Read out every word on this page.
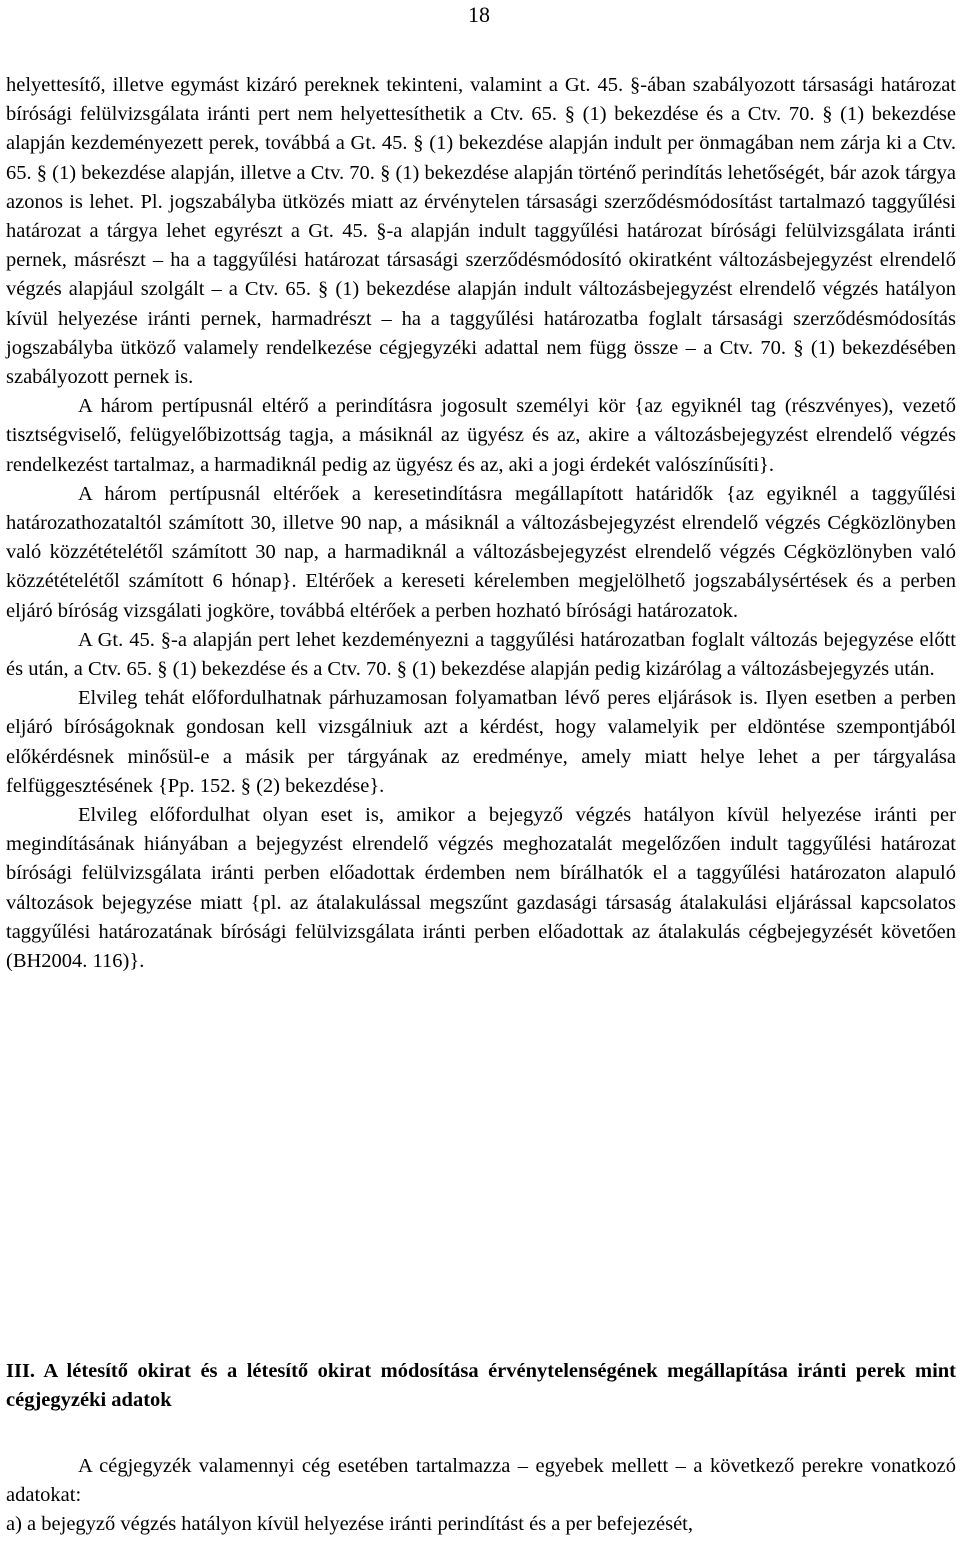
18

helyettesítő, illetve egymást kizáró pereknek tekinteni, valamint a Gt. 45. §-ában szabályozott társasági határozat bírósági felülvizsgálata iránti pert nem helyettesíthetik a Ctv. 65. § (1) bekezdése és a Ctv. 70. § (1) bekezdése alapján kezdeményezett perek, továbbá a Gt. 45. § (1) bekezdése alapján indult per önmagában nem zárja ki a Ctv. 65. § (1) bekezdése alapján, illetve a Ctv. 70. § (1) bekezdése alapján történő perindítás lehetőségét, bár azok tárgya azonos is lehet. Pl. jogszabályba ütközés miatt az érvénytelen társasági szerződésmódosítást tartalmazó taggyűlési határozat a tárgya lehet egyrészt a Gt. 45. §-a alapján indult taggyűlési határozat bírósági felülvizsgálata iránti pernek, másrészt – ha a taggyűlési határozat társasági szerződésmódosító okiratként változásbejegyzést elrendelő végzés alapjául szolgált – a Ctv. 65. § (1) bekezdése alapján indult változásbejegyzést elrendelő végzés hatályon kívül helyezése iránti pernek, harmadrészt – ha a taggyűlési határozatba foglalt társasági szerződésmódosítás jogszabályba ütköző valamely rendelkezése cégjegyzéki adattal nem függ össze – a Ctv. 70. § (1) bekezdésében szabályozott pernek is.

A három pertípusnál eltérő a perindításra jogosult személyi kör {az egyiknél tag (részvényes), vezető tisztségviselő, felügyelőbizottság tagja, a másiknál az ügyész és az, akire a változásbejegyzést elrendelő végzés rendelkezést tartalmaz, a harmadiknál pedig az ügyész és az, aki a jogi érdekét valószínűsíti}.

A három pertípusnál eltérőek a keresetindításra megállapított határidők {az egyiknél a taggyűlési határozathozataltól számított 30, illetve 90 nap, a másiknál a változásbejegyzést elrendelő végzés Cégközlönyben való közzétételétől számított 30 nap, a harmadiknál a változásbejegyzést elrendelő végzés Cégközlönyben való közzétételétől számított 6 hónap}. Eltérőek a kereseti kérelemben megjelölhető jogszabálysértések és a perben eljáró bíróság vizsgálati jogköre, továbbá eltérőek a perben hozható bírósági határozatok.

A Gt. 45. §-a alapján pert lehet kezdeményezni a taggyűlési határozatban foglalt változás bejegyzése előtt és után, a Ctv. 65. § (1) bekezdése és a Ctv. 70. § (1) bekezdése alapján pedig kizárólag a változásbejegyzés után.

Elvileg tehát előfordulhatnak párhuzamosan folyamatban lévő peres eljárások is. Ilyen esetben a perben eljáró bíróságoknak gondosan kell vizsgálniuk azt a kérdést, hogy valamelyik per eldöntése szempontjából előkérdésnek minősül-e a másik per tárgyának az eredménye, amely miatt helye lehet a per tárgyalása felfüggesztésének {Pp. 152. § (2) bekezdése}.

Elvileg előfordulhat olyan eset is, amikor a bejegyző végzés hatályon kívül helyezése iránti per megindításának hiányában a bejegyzést elrendelő végzés meghozatalát megelőzően indult taggyűlési határozat bírósági felülvizsgálata iránti perben előadottak érdemben nem bírálhatók el a taggyűlési határozaton alapuló változások bejegyzése miatt {pl. az átalakulással megszűnt gazdasági társaság átalakulási eljárással kapcsolatos taggyűlési határozatának bírósági felülvizsgálata iránti perben előadottak az átalakulás cégbejegyzését követően (BH2004. 116)}.

III. A létesítő okirat és a létesítő okirat módosítása érvénytelenségének megállapítása iránti perek mint cégjegyzéki adatok

A cégjegyzék valamennyi cég esetében tartalmazza – egyebek mellett – a következő perekre vonatkozó adatokat:

a) a bejegyző végzés hatályon kívül helyezése iránti perindítást és a per befejezését,
